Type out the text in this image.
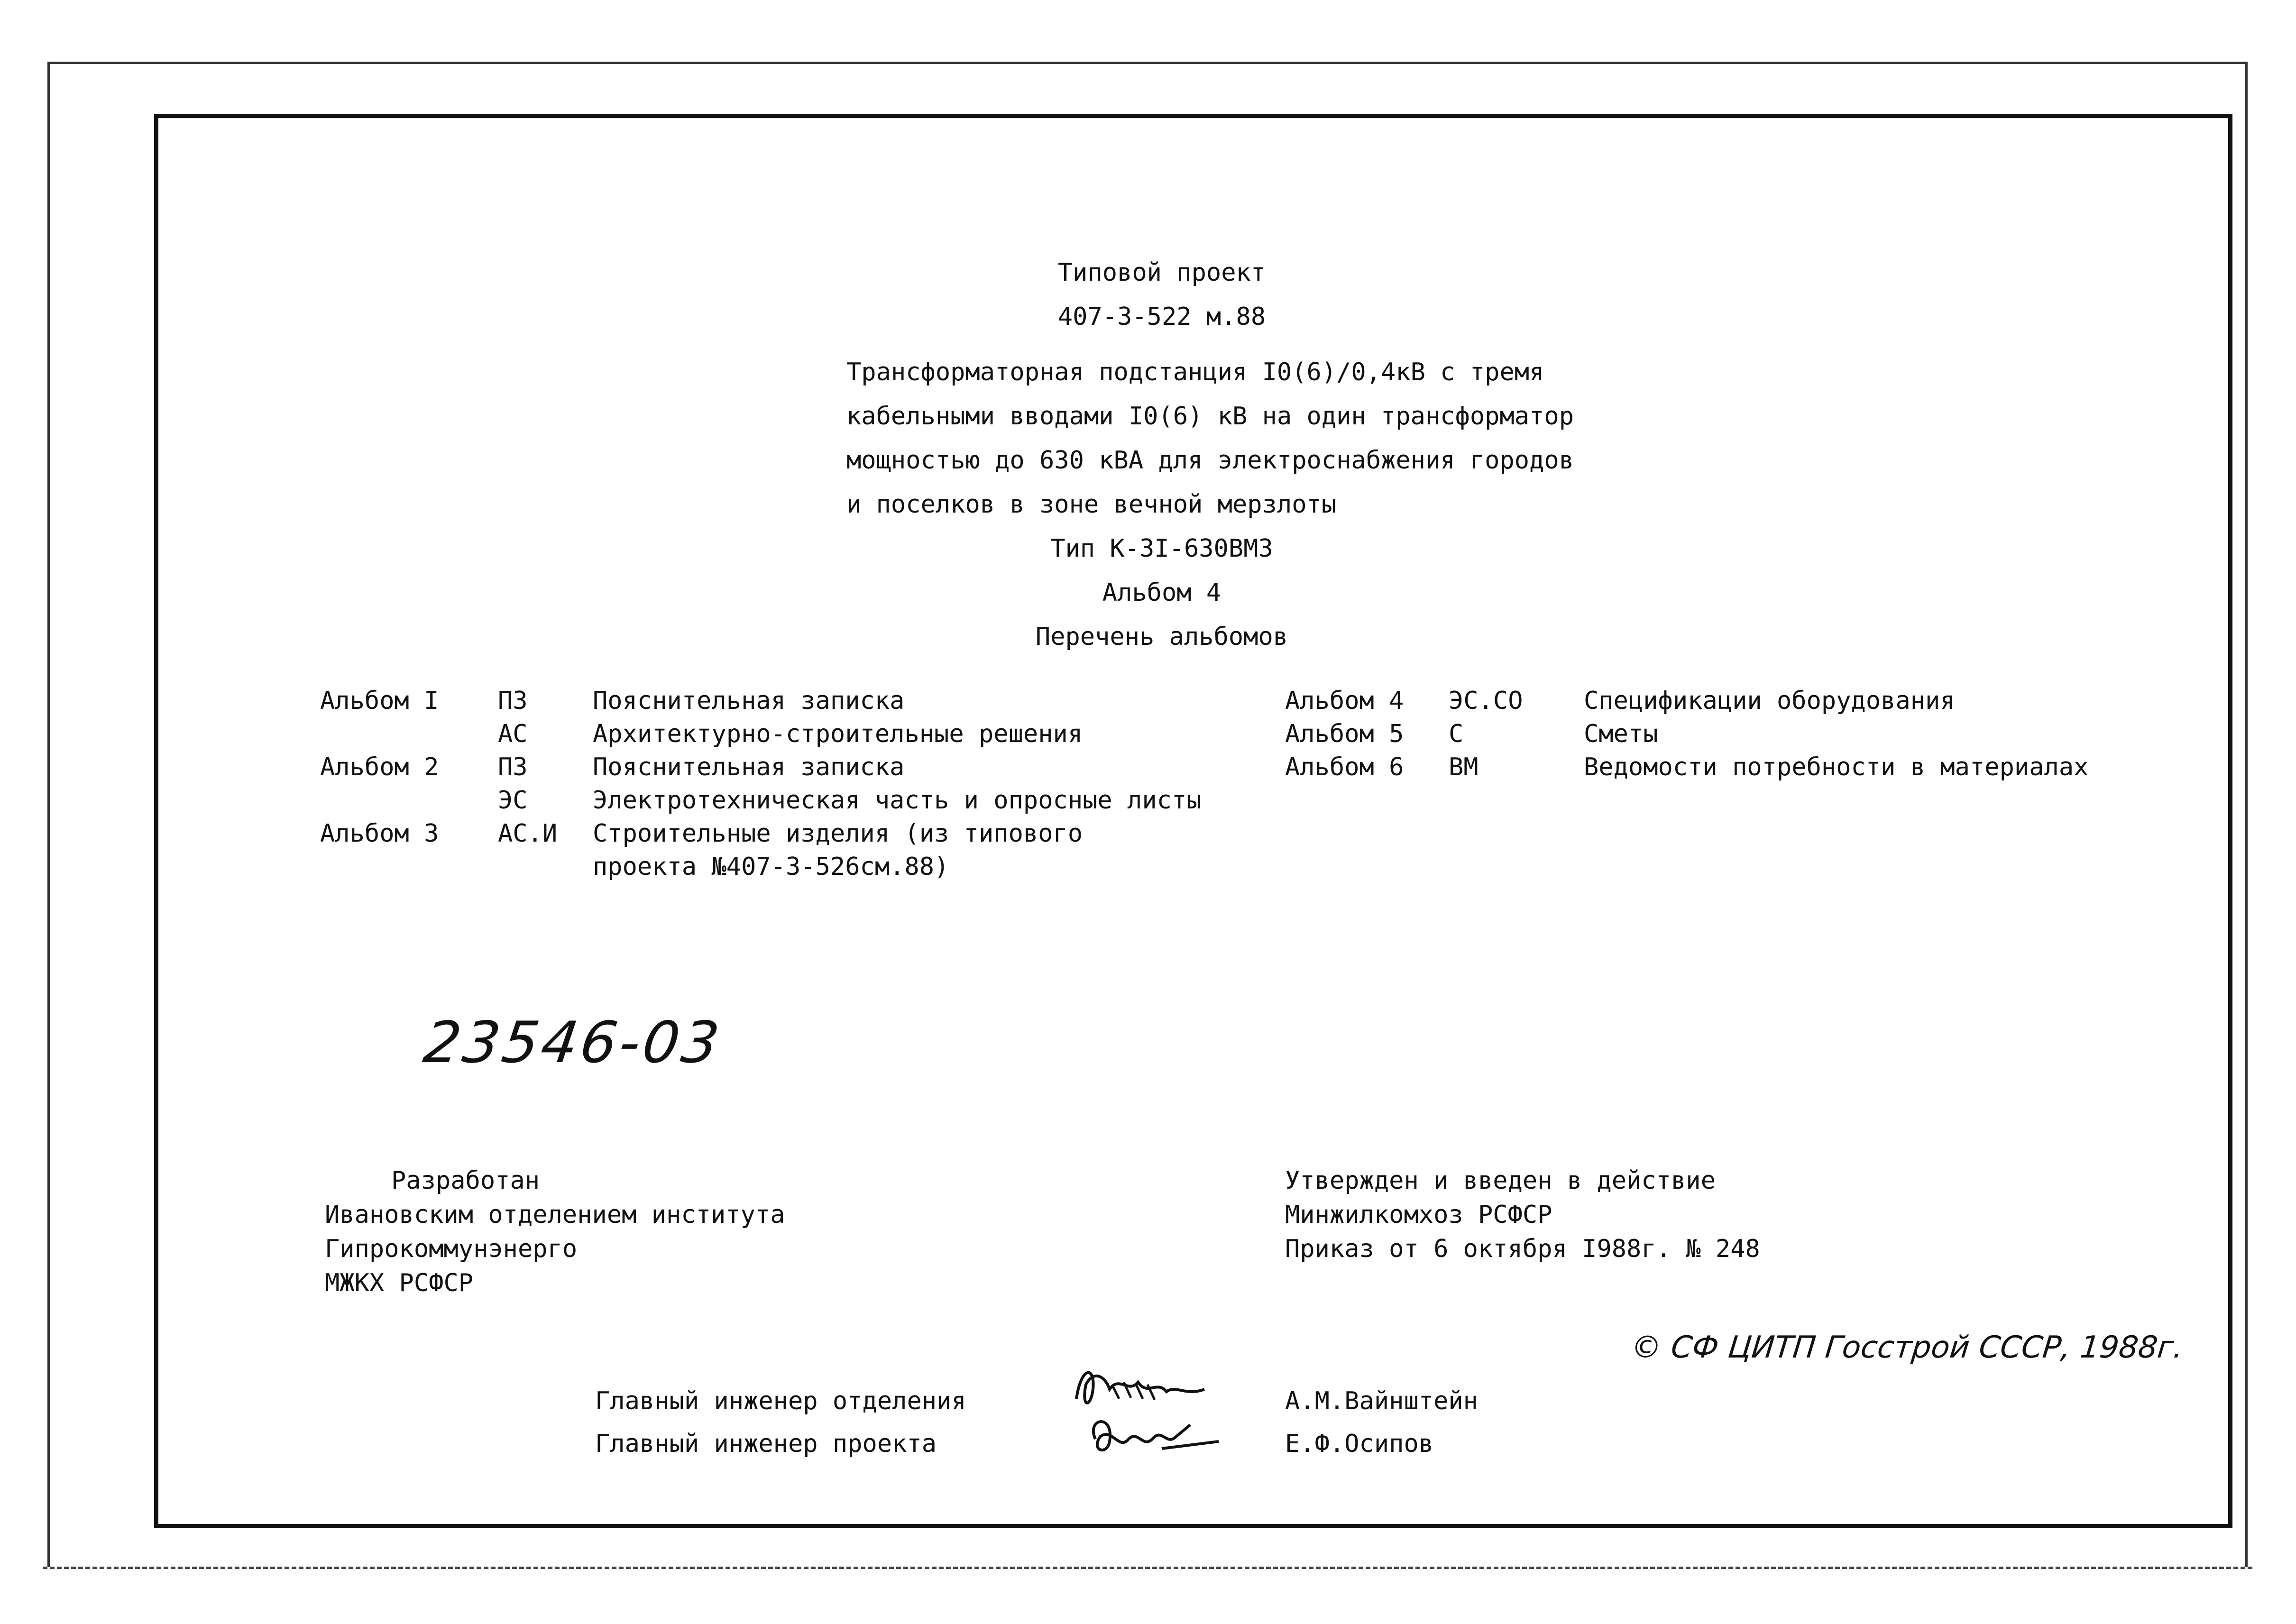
Типовой проект
407-3-522 м.88
Трансформаторная подстанция I0(6)/0,4кВ с тремя
кабельными вводами I0(6) кВ на один трансформатор
мощностью до 630 кВА для электроснабжения городов
и поселков в зоне вечной мерзлоты
Тип К-3I-630ВМЗ
Альбом 4
Перечень альбомов
Альбом I ПЗ	Пояснительная записка
АС	Архитектурно-строительные решения
Альбом 2 ПЗ	Пояснительная записка
ЭС	Электротехническая часть и опросные листы
Альбом 3 АС.И Строительные изделия (из типового
проекта №407-3-526см.88)
Альбом 4 ЭС.СО Спецификации оборудования
Альбом 5 С	Сметы
Альбом 6 ВМ	Ведомости потребности в материалах
23546-03
Разработан
Ивановским отделением института
Гипрокоммунэнерго
МЖКХ РСФСР
Утвержден и введен в действие
Минжилкомхоз РСФСР
Приказ от 6 октября I988г. № 248
© СФ ЦИТП Госстрой СССР, 1988г.
Главный инженер отделения
Главный инженер проекта
А.М.Вайнштейн
Е.Ф.Осипов
